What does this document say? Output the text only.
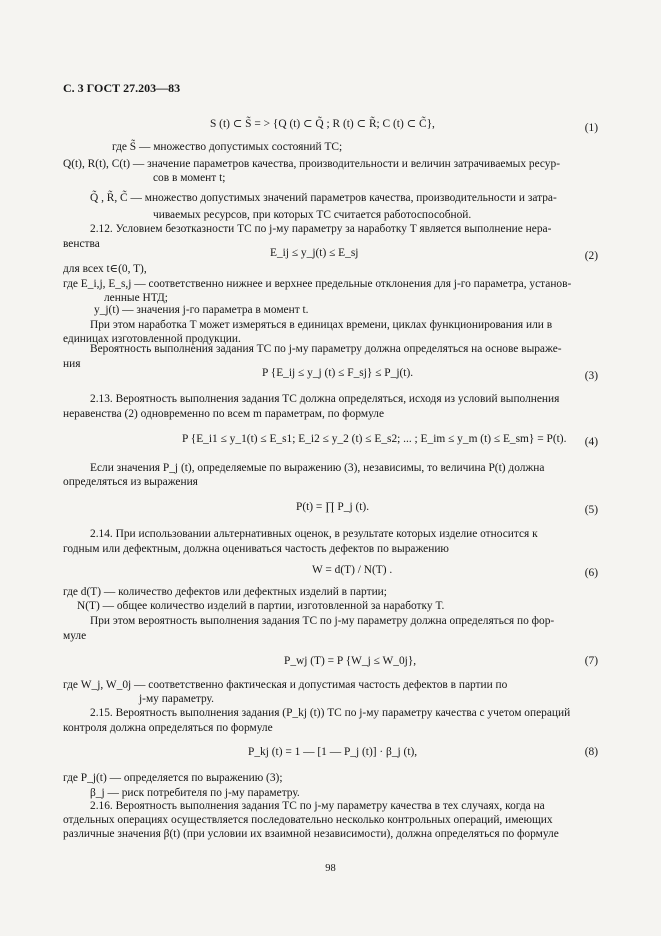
С. 3 ГОСТ 27.203—83
S (t) ⊂ S̃ = > {Q (t) ⊂ Q̃ ; R (t) ⊂ R̃; C (t) ⊂ C̃},	(1)
где S̃ — множество допустимых состояний ТС;
Q(t), R(t), C(t) — значение параметров качества, производительности и величин затрачиваемых ресур-
сов в момент t;
Q̃ , R̃, C̃ — множество допустимых значений параметров качества, производительности и затра-
чиваемых ресурсов, при которых ТС считается работоспособной.
2.12. Условием безотказности ТС по j-му параметру за наработку T является выполнение нера-
венства
E_ij ≤ y_j(t) ≤ E_sj	(2)
для всех t∈(0, T),
где E_i,j, E_s,j — соответственно нижнее и верхнее предельные отклонения для j-го параметра, установ-
ленные НТД;
y_j(t) — значения j-го параметра в момент t.
При этом наработка T может измеряться в единицах времени, циклах функционирования или в
единицах изготовленной продукции.
Вероятность выполнения задания ТС по j-му параметру должна определяться на основе выраже-
ния
P {E_ij ≤ y_j (t) ≤ F_sj} ≤ P_j(t).	(3)
2.13. Вероятность выполнения задания ТС должна определяться, исходя из условий выполнения
неравенства (2) одновременно по всем m параметрам, по формуле
P {E_i1 ≤ y_1(t) ≤ E_s1; E_i2 ≤ y_2 (t) ≤ E_s2; ... ; E_im ≤ y_m (t) ≤ E_sm} = P(t). (4)
Если значения P_j (t), определяемые по выражению (3), независимы, то величина P(t) должна
определяться из выражения
P(t) = ∏ P_j (t).	(5)
2.14. При использовании альтернативных оценок, в результате которых изделие относится к
годным или дефектным, должна оцениваться частость дефектов по выражению
W = d(T) / N(T) .	(6)
где d(T) — количество дефектов или дефектных изделий в партии;
N(T) — общее количество изделий в партии, изготовленной за наработку T.
При этом вероятность выполнения задания ТС по j-му параметру должна определяться по фор-
муле
P_wj (T) = P {W_j ≤ W_0j},	(7)
где W_j, W_0j — соответственно фактическая и допустимая частость дефектов в партии по
j-му параметру.
2.15. Вероятность выполнения задания (P_kj (t)) ТС по j-му параметру качества с учетом операций
контроля должна определяться по формуле
P_kj (t) = 1 — [1 — P_j (t)] · β_j (t),	(8)
где P_j(t) — определяется по выражению (3);
β_j — риск потребителя по j-му параметру.
2.16. Вероятность выполнения задания ТС по j-му параметру качества в тех случаях, когда на
отдельных операциях осуществляется последовательно несколько контрольных операций, имеющих
различные значения β(t) (при условии их взаимной независимости), должна определяться по формуле
98
